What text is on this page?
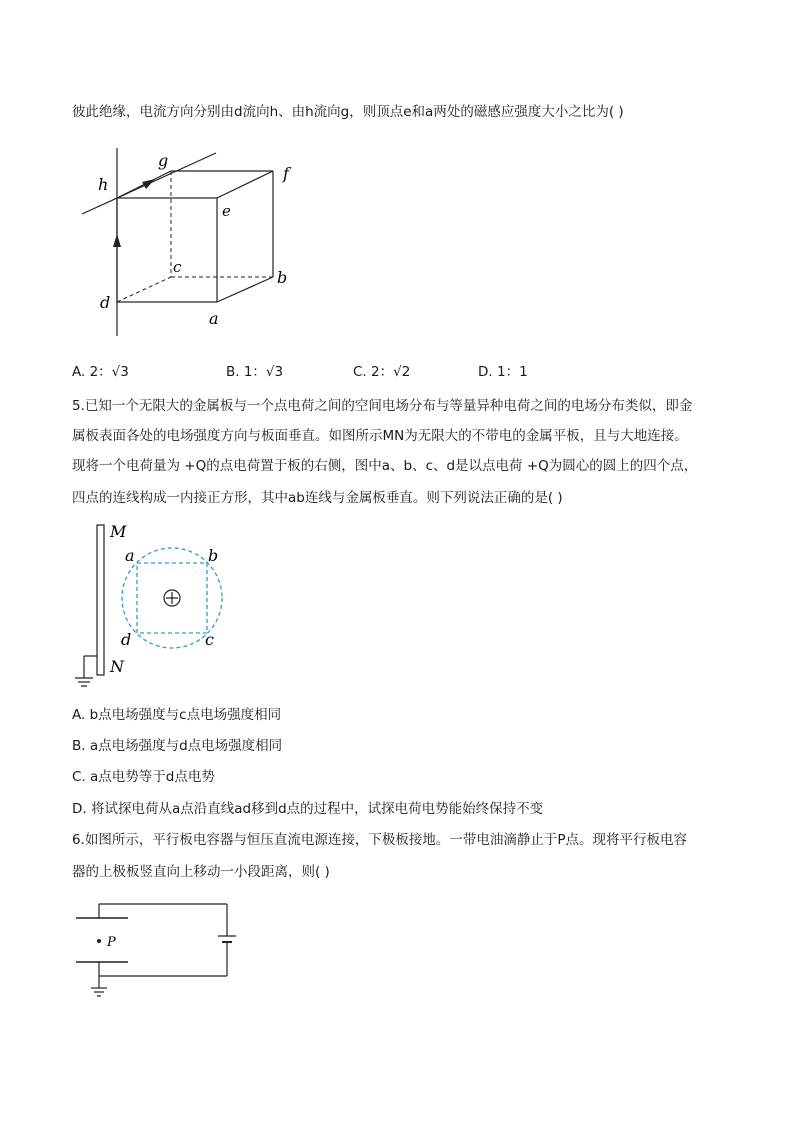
彼此绝缘，电流方向分别由d流向h、由h流向g，则顶点e和a两处的磁感应强度大小之比为( )
g
h
f
e
c
b
d
a
A. 2：√3	B. 1：√3	C. 2：√2	D. 1：1
5.已知一个无限大的金属板与一个点电荷之间的空间电场分布与等量异种电荷之间的电场分布类似，即金
属板表面各处的电场强度方向与板面垂直。如图所示MN为无限大的不带电的金属平板，且与大地连接。
现将一个电荷量为 +Q的点电荷置于板的右侧，图中a、b、c、d是以点电荷 +Q为圆心的圆上的四个点，
四点的连线构成一内接正方形，其中ab连线与金属板垂直。则下列说法正确的是( )
M
N
a	b
c
d
A. b点电场强度与c点电场强度相同
B. a点电场强度与d点电场强度相同
C. a点电势等于d点电势
D. 将试探电荷从a点沿直线ad移到d点的过程中，试探电荷电势能始终保持不变
6.如图所示，平行板电容器与恒压直流电源连接，下极板接地。一带电油滴静止于P点。现将平行板电容
器的上极板竖直向上移动一小段距离，则( )
P
